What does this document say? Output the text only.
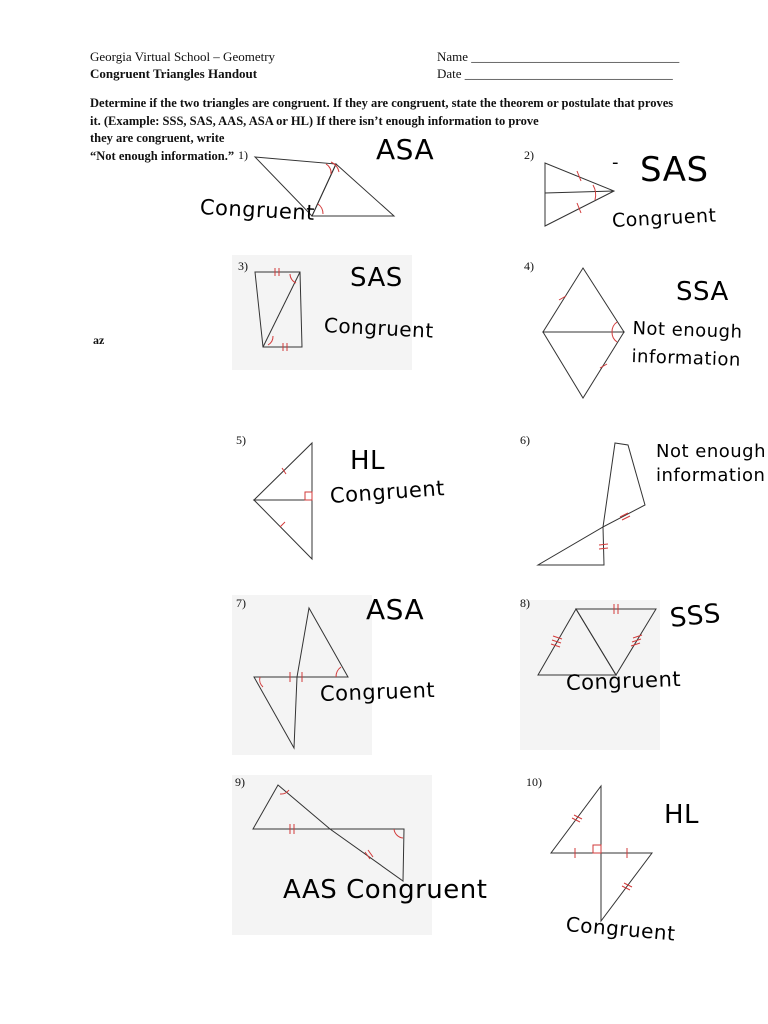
Georgia Virtual School – Geometry
Congruent Triangles Handout
Name ________________________________
Date ________________________________
Determine if the two triangles are congruent. If they are congruent, state the theorem or postulate that proves it. (Example: SSS, SAS, AAS, ASA or HL) If there isn’t enough information to prove
they are congruent, write “Not enough information.”
az
1)	2)
3)	4)
5)	6)
7)	8)
9)	10)
ASA
Congruent
- SAS
Congruent
SAS
Congruent
SSA
Not enough information
HL
Congruent
Not enough information
ASA
Congruent
SSS
Congruent
AAS Congruent
HL
Congruent
